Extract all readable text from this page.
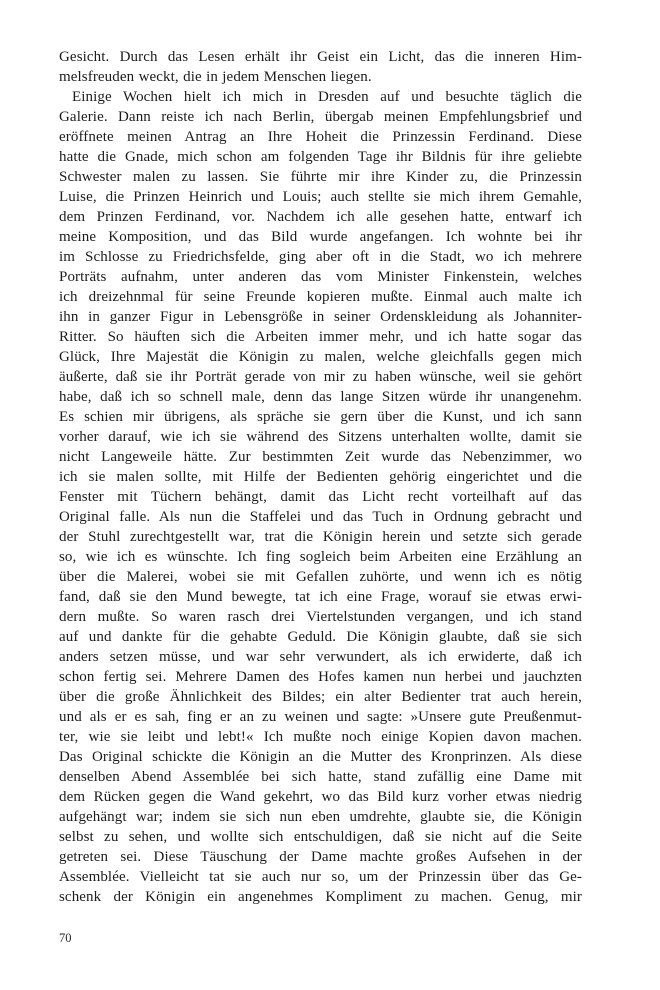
Gesicht. Durch das Lesen erhält ihr Geist ein Licht, das die inneren Him-
melsfreuden weckt, die in jedem Menschen liegen.
Einige Wochen hielt ich mich in Dresden auf und besuchte täglich die
Galerie. Dann reiste ich nach Berlin, übergab meinen Empfehlungsbrief und
eröffnete meinen Antrag an Ihre Hoheit die Prinzessin Ferdinand. Diese
hatte die Gnade, mich schon am folgenden Tage ihr Bildnis für ihre geliebte
Schwester malen zu lassen. Sie führte mir ihre Kinder zu, die Prinzessin
Luise, die Prinzen Heinrich und Louis; auch stellte sie mich ihrem Gemahle,
dem Prinzen Ferdinand, vor. Nachdem ich alle gesehen hatte, entwarf ich
meine Komposition, und das Bild wurde angefangen. Ich wohnte bei ihr
im Schlosse zu Friedrichsfelde, ging aber oft in die Stadt, wo ich mehrere
Porträts aufnahm, unter anderen das vom Minister Finkenstein, welches
ich dreizehnmal für seine Freunde kopieren mußte. Einmal auch malte ich
ihn in ganzer Figur in Lebensgröße in seiner Ordenskleidung als Johanniter-
Ritter. So häuften sich die Arbeiten immer mehr, und ich hatte sogar das
Glück, Ihre Majestät die Königin zu malen, welche gleichfalls gegen mich
äußerte, daß sie ihr Porträt gerade von mir zu haben wünsche, weil sie gehört
habe, daß ich so schnell male, denn das lange Sitzen würde ihr unangenehm.
Es schien mir übrigens, als spräche sie gern über die Kunst, und ich sann
vorher darauf, wie ich sie während des Sitzens unterhalten wollte, damit sie
nicht Langeweile hätte. Zur bestimmten Zeit wurde das Nebenzimmer, wo
ich sie malen sollte, mit Hilfe der Bedienten gehörig eingerichtet und die
Fenster mit Tüchern behängt, damit das Licht recht vorteilhaft auf das
Original falle. Als nun die Staffelei und das Tuch in Ordnung gebracht und
der Stuhl zurechtgestellt war, trat die Königin herein und setzte sich gerade
so, wie ich es wünschte. Ich fing sogleich beim Arbeiten eine Erzählung an
über die Malerei, wobei sie mit Gefallen zuhörte, und wenn ich es nötig
fand, daß sie den Mund bewegte, tat ich eine Frage, worauf sie etwas erwi-
dern mußte. So waren rasch drei Viertelstunden vergangen, und ich stand
auf und dankte für die gehabte Geduld. Die Königin glaubte, daß sie sich
anders setzen müsse, und war sehr verwundert, als ich erwiderte, daß ich
schon fertig sei. Mehrere Damen des Hofes kamen nun herbei und jauchzten
über die große Ähnlichkeit des Bildes; ein alter Bedienter trat auch herein,
und als er es sah, fing er an zu weinen und sagte: »Unsere gute Preußenmut-
ter, wie sie leibt und lebt!« Ich mußte noch einige Kopien davon machen.
Das Original schickte die Königin an die Mutter des Kronprinzen. Als diese
denselben Abend Assemblée bei sich hatte, stand zufällig eine Dame mit
dem Rücken gegen die Wand gekehrt, wo das Bild kurz vorher etwas niedrig
aufgehängt war; indem sie sich nun eben umdrehte, glaubte sie, die Königin
selbst zu sehen, und wollte sich entschuldigen, daß sie nicht auf die Seite
getreten sei. Diese Täuschung der Dame machte großes Aufsehen in der
Assemblée. Vielleicht tat sie auch nur so, um der Prinzessin über das Ge-
schenk der Königin ein angenehmes Kompliment zu machen. Genug, mir
70
